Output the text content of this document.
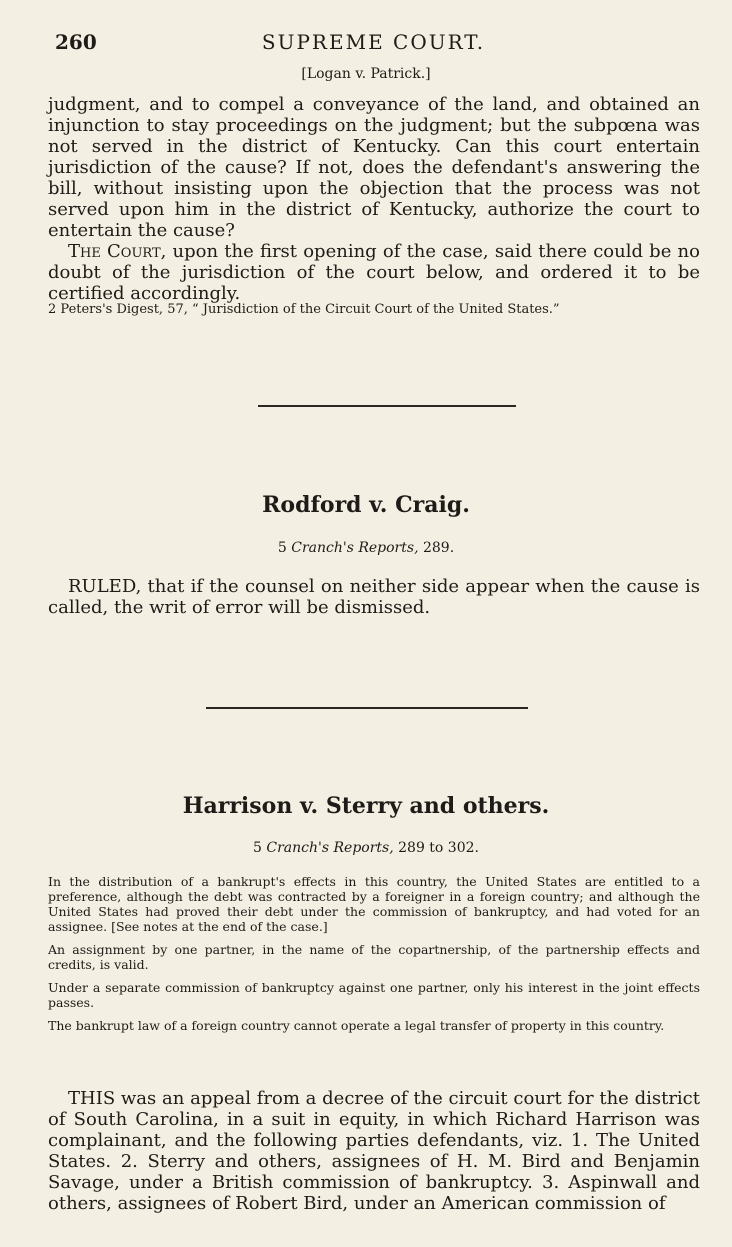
260	SUPREME COURT.
[Logan v. Patrick.]

judgment, and to compel a conveyance of the land, and obtained an injunction to stay proceedings on the judgment; but the subpœna was not served in the district of Kentucky. Can this court entertain jurisdiction of the cause? If not, does the defendant's answering the bill, without insisting upon the objection that the process was not served upon him in the district of Kentucky, authorize the court to entertain the cause?

The Court, upon the first opening of the case, said there could be no doubt of the jurisdiction of the court below, and ordered it to be certified accordingly.

2 Peters's Digest, 57, “ Jurisdiction of the Circuit Court of the United States.”
Rodford v. Craig.
5 Cranch's Reports, 289.

RULED, that if the counsel on neither side appear when the cause is called, the writ of error will be dismissed.

Harrison v. Sterry and others.
5 Cranch's Reports, 289 to 302.

In the distribution of a bankrupt's effects in this country, the United States are entitled to a preference, although the debt was contracted by a foreigner in a foreign country; and although the United States had proved their debt under the commission of bankruptcy, and had voted for an assignee. [See notes at the end of the case.]

An assignment by one partner, in the name of the copartnership, of the partnership effects and credits, is valid.

Under a separate commission of bankruptcy against one partner, only his interest in the joint effects passes.

The bankrupt law of a foreign country cannot operate a legal transfer of property in this country.

THIS was an appeal from a decree of the circuit court for the district of South Carolina, in a suit in equity, in which Richard Harrison was complainant, and the following parties defendants, viz. 1. The United States. 2. Sterry and others, assignees of H. M. Bird and Benjamin Savage, under a British commission of bankruptcy. 3. Aspinwall and others, assignees of Robert Bird, under an American commission of
